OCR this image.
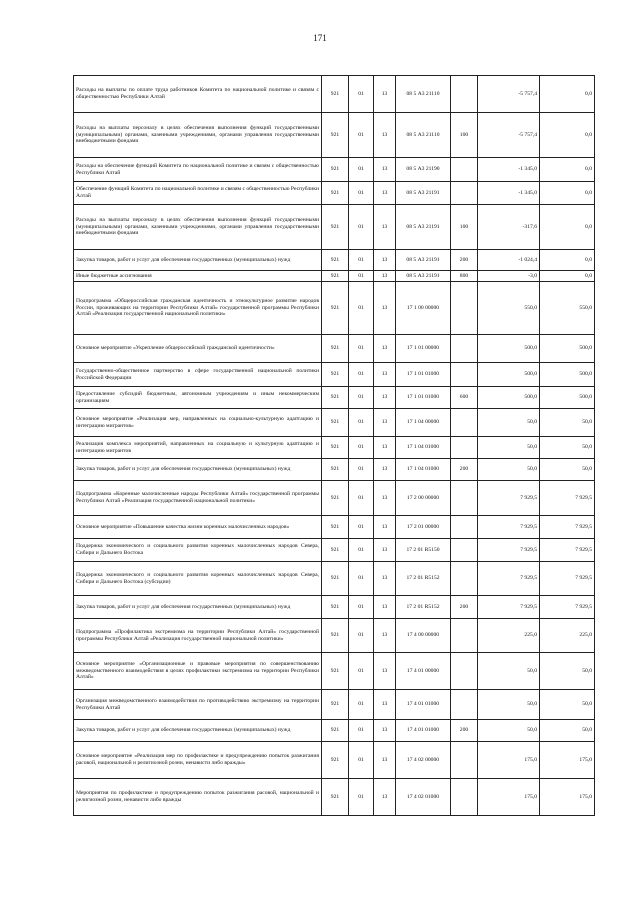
171
Расходы на выплаты по оплате труда работников Комитета по национальной политике и связям с общественностью Республики Алтай	921	01	13	08 5 А3 21110		-5 757,4	0,0
Расходы на выплаты персоналу в целях обеспечения выполнения функций государственными (муниципальными) органами, казенными учреждениями, органами управления государственными внебюджетными фондами	921	01	13	08 5 А3 21110	100	-5 757,4	0,0
Расходы на обеспечение функций Комитета по национальной политике и связям с общественностью Республики Алтай	921	01	13	08 5 А3 21190		-1 345,0	0,0
Обеспечение функций Комитета по национальной политике и связям с общественностью Республики Алтай	921	01	13	08 5 А3 21191		-1 345,0	0,0
Расходы на выплаты персоналу в целях обеспечения выполнения функций государственными (муниципальными) органами, казенными учреждениями, органами управления государственными внебюджетными фондами	921	01	13	08 5 А3 21191	100	-317,6	0,0
Закупка товаров, работ и услуг для обеспечения государственных (муниципальных) нужд	921	01	13	08 5 А3 21191	200	-1 024,4	0,0
Иные бюджетные ассигнования	921	01	13	08 5 А3 21191	800	-3,0	0,0
Подпрограмма «Общероссийская гражданская идентичность и этнокультурное развитие народов России, проживающих на территории Республики Алтай» государственной программы Республики Алтай «Реализация государственной национальной политики»	921	01	13	17 1 00 00000		550,0	550,0
Основное мероприятие «Укрепление общероссийской гражданской идентичности»	921	01	13	17 1 01 00000		500,0	500,0
Государственно-общественное партнерство в сфере государственной национальной политики Российской Федерации	921	01	13	17 1 01 01000		500,0	500,0
Предоставление субсидий бюджетным, автономным учреждениям и иным некоммерческим организациям	921	01	13	17 1 01 01000	600	500,0	500,0
Основное мероприятие «Реализация мер, направленных на социально-культурную адаптацию и интеграцию мигрантов»	921	01	13	17 1 04 00000		50,0	50,0
Реализация комплекса мероприятий, направленных на социальную и культурную адаптацию и интеграцию мигрантов	921	01	13	17 1 04 01000		50,0	50,0
Закупка товаров, работ и услуг для обеспечения государственных (муниципальных) нужд	921	01	13	17 1 04 01000	200	50,0	50,0
Подпрограмма «Коренные малочисленные народы Республики Алтай» государственной программы Республики Алтай «Реализация государственной национальной политики»	921	01	13	17 2 00 00000		7 929,5	7 929,5
Основное мероприятие «Повышение качества жизни коренных малочисленных народов»	921	01	13	17 2 01 00000		7 929,5	7 929,5
Поддержка экономического и социального развития коренных малочисленных народов Севера, Сибири и Дальнего Востока	921	01	13	17 2 01 R5150		7 929,5	7 929,5
Поддержка экономического и социального развития коренных малочисленных народов Севера, Сибири и Дальнего Востока (субсидии)	921	01	13	17 2 01 R5152		7 929,5	7 929,5
Закупка товаров, работ и услуг для обеспечения государственных (муниципальных) нужд	921	01	13	17 2 01 R5152	200	7 929,5	7 929,5
Подпрограмма «Профилактика экстремизма на территории Республики Алтай» государственной программы Республики Алтай «Реализация государственной национальной политики»	921	01	13	17 4 00 00000		225,0	225,0
Основное мероприятие «Организационные и правовые мероприятия по совершенствованию межведомственного взаимодействия в целях профилактики экстремизма на территории Республики Алтай»	921	01	13	17 4 01 00000		50,0	50,0
Организация межведомственного взаимодействия по противодействию экстремизму на территории Республики Алтай	921	01	13	17 4 01 01000		50,0	50,0
Закупка товаров, работ и услуг для обеспечения государственных (муниципальных) нужд	921	01	13	17 4 01 01000	200	50,0	50,0
Основное мероприятие «Реализация мер по профилактике и предупреждению попыток разжигания расовой, национальной и религиозной розни, ненависти либо вражды»	921	01	13	17 4 02 00000		175,0	175,0
Мероприятия по профилактике и предупреждению попыток разжигания расовой, национальной и религиозной розни, ненависти либо вражды	921	01	13	17 4 02 01000		175,0	175,0
